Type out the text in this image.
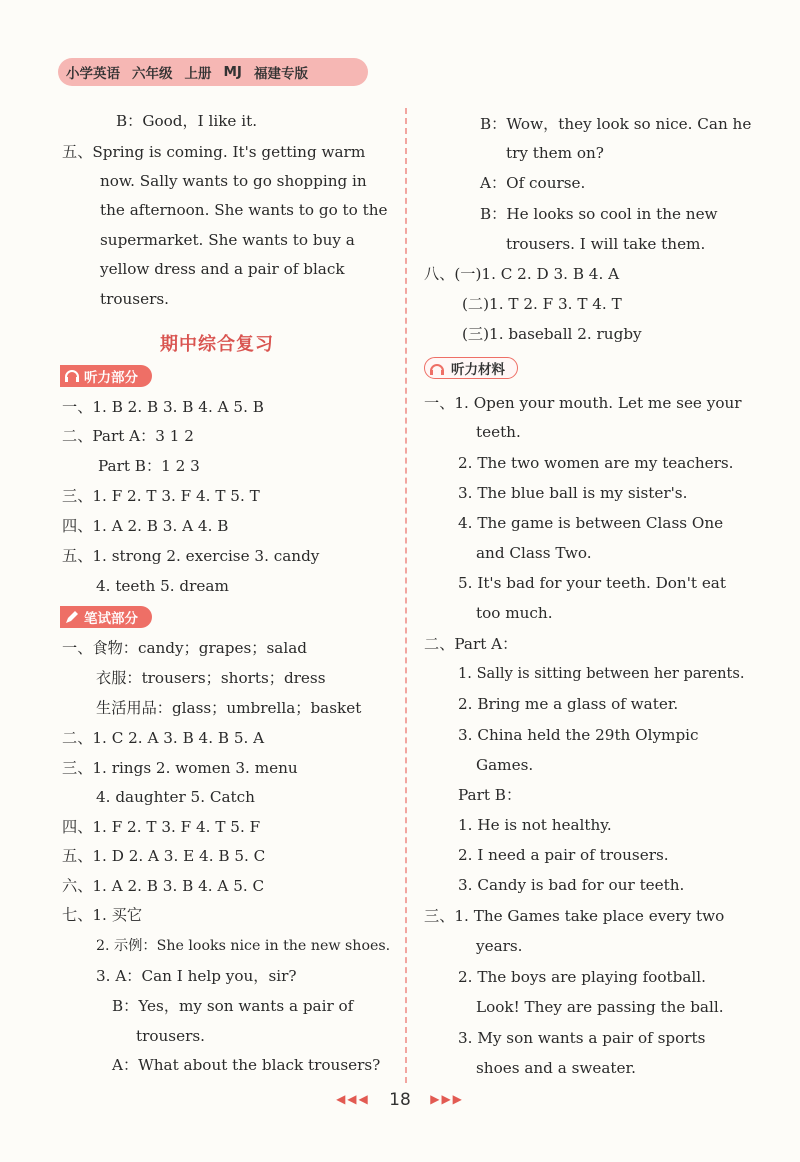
小学英语 六年级 上册 MJ 福建专版
B：Good，I like it.
五、Spring is coming. It's getting warm
now. Sally wants to go shopping in
the afternoon. She wants to go to the
supermarket. She wants to buy a
yellow dress and a pair of black
trousers.
期中综合复习
听力部分
一、1. B 2. B 3. B 4. A 5. B
二、Part A：3 1 2
Part B：1 2 3
三、1. F 2. T 3. F 4. T 5. T
四、1. A 2. B 3. A 4. B
五、1. strong 2. exercise 3. candy
4. teeth 5. dream
笔试部分
一、食物：candy；grapes；salad
衣服：trousers；shorts；dress
生活用品：glass；umbrella；basket
二、1. C 2. A 3. B 4. B 5. A
三、1. rings 2. women 3. menu
4. daughter 5. Catch
四、1. F 2. T 3. F 4. T 5. F
五、1. D 2. A 3. E 4. B 5. C
六、1. A 2. B 3. B 4. A 5. C
七、1. 买它
2. 示例：She looks nice in the new shoes.
3. A：Can I help you，sir?
B：Yes，my son wants a pair of
trousers.
A：What about the black trousers?
B：Wow，they look so nice. Can he
try them on?
A：Of course.
B：He looks so cool in the new
trousers. I will take them.
八、(一)1. C 2. D 3. B 4. A
(二)1. T 2. F 3. T 4. T
(三)1. baseball 2. rugby
听力材料
一、1. Open your mouth. Let me see your
teeth.
2. The two women are my teachers.
3. The blue ball is my sister's.
4. The game is between Class One
and Class Two.
5. It's bad for your teeth. Don't eat
too much.
二、Part A：
1. Sally is sitting between her parents.
2. Bring me a glass of water.
3. China held the 29th Olympic
Games.
Part B：
1. He is not healthy.
2. I need a pair of trousers.
3. Candy is bad for our teeth.
三、1. The Games take place every two
years.
2. The boys are playing football.
Look! They are passing the ball.
3. My son wants a pair of sports
shoes and a sweater.
◀◀◀ 18 ▶▶▶
